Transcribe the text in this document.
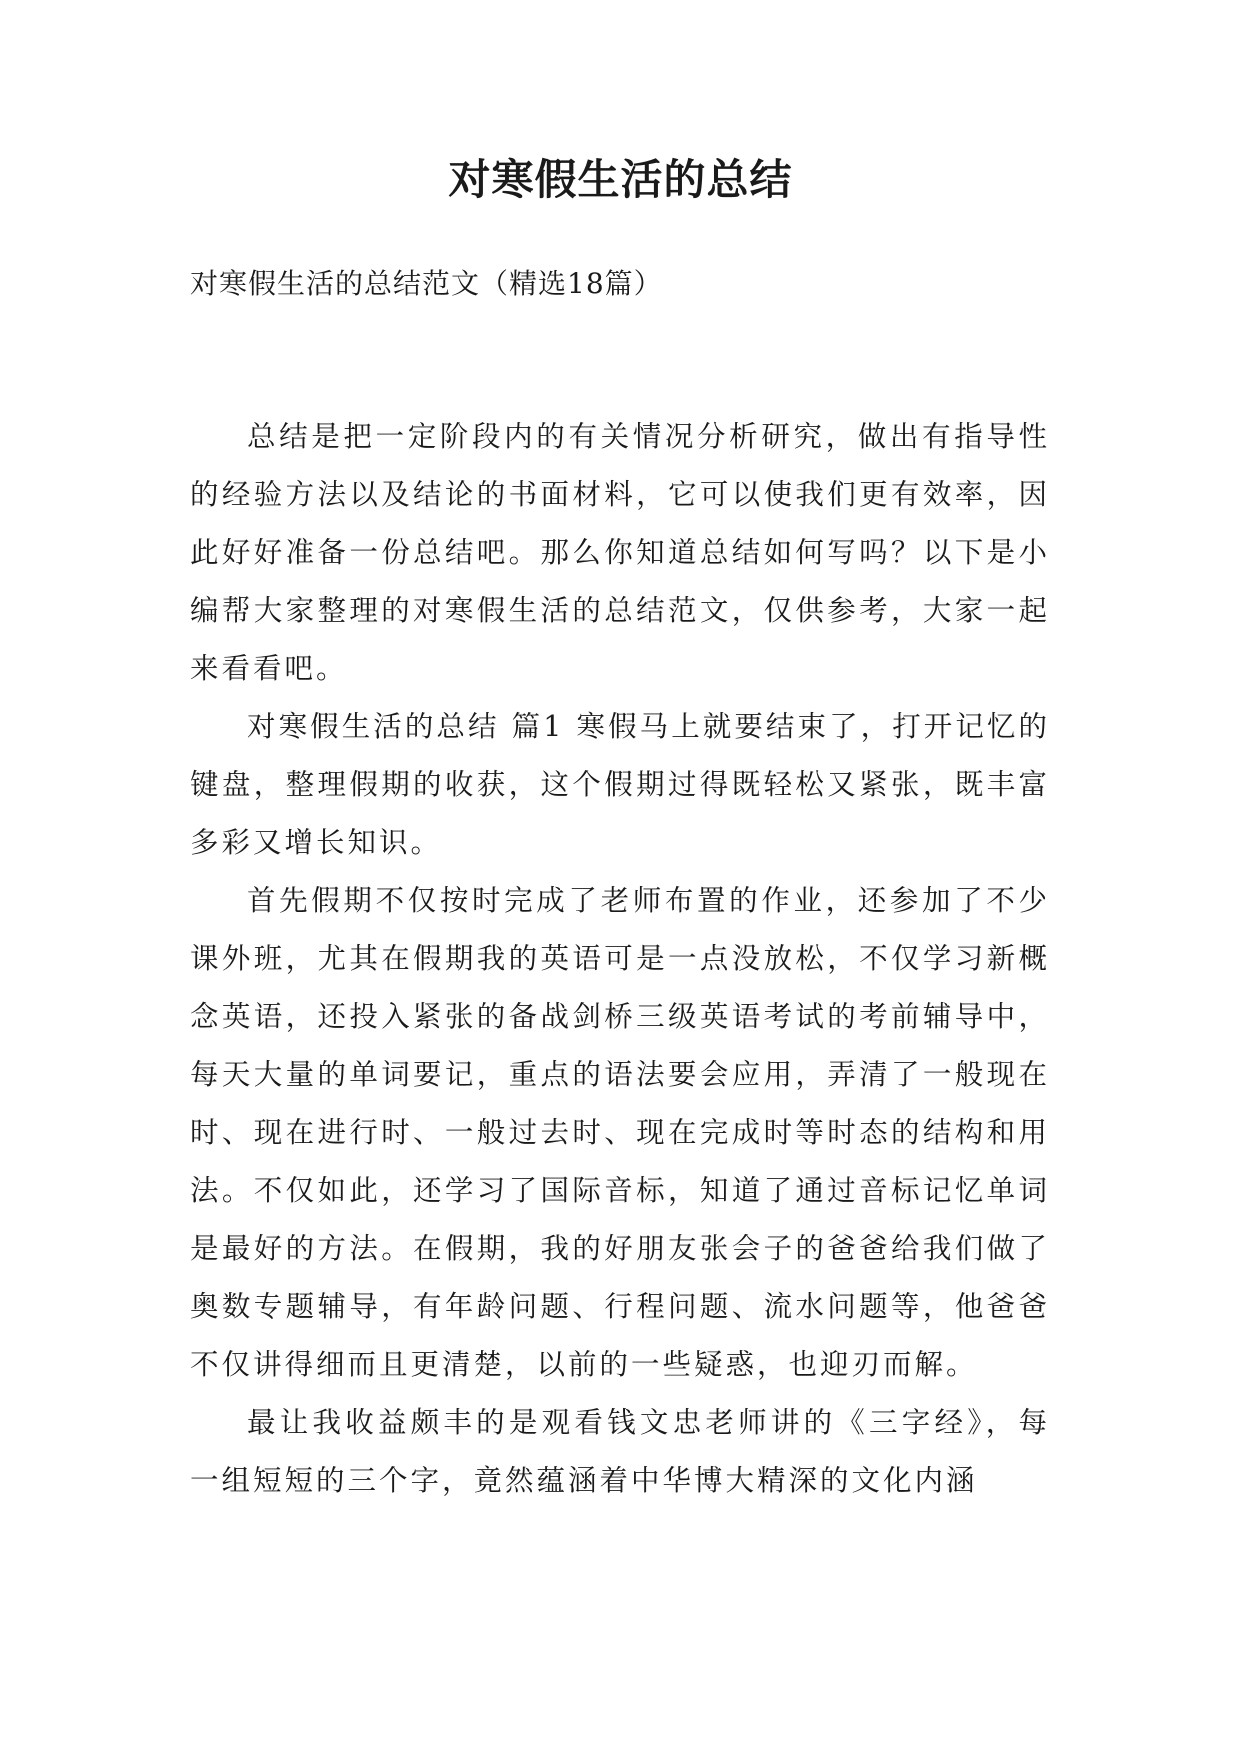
对寒假生活的总结

对寒假生活的总结范文（精选18篇）

总结是把一定阶段内的有关情况分析研究，做出有指导性的经验方法以及结论的书面材料，它可以使我们更有效率，因此好好准备一份总结吧。那么你知道总结如何写吗？以下是小编帮大家整理的对寒假生活的总结范文，仅供参考，大家一起来看看吧。

对寒假生活的总结 篇1 寒假马上就要结束了，打开记忆的键盘，整理假期的收获，这个假期过得既轻松又紧张，既丰富多彩又增长知识。

首先假期不仅按时完成了老师布置的作业，还参加了不少课外班，尤其在假期我的英语可是一点没放松，不仅学习新概念英语，还投入紧张的备战剑桥三级英语考试的考前辅导中，每天大量的单词要记，重点的语法要会应用，弄清了一般现在时、现在进行时、一般过去时、现在完成时等时态的结构和用法。不仅如此，还学习了国际音标，知道了通过音标记忆单词是最好的方法。在假期，我的好朋友张会子的爸爸给我们做了奥数专题辅导，有年龄问题、行程问题、流水问题等，他爸爸不仅讲得细而且更清楚，以前的一些疑惑，也迎刃而解。

最让我收益颇丰的是观看钱文忠老师讲的《三字经》，每一组短短的三个字，竟然蕴涵着中华博大精深的文化内涵
